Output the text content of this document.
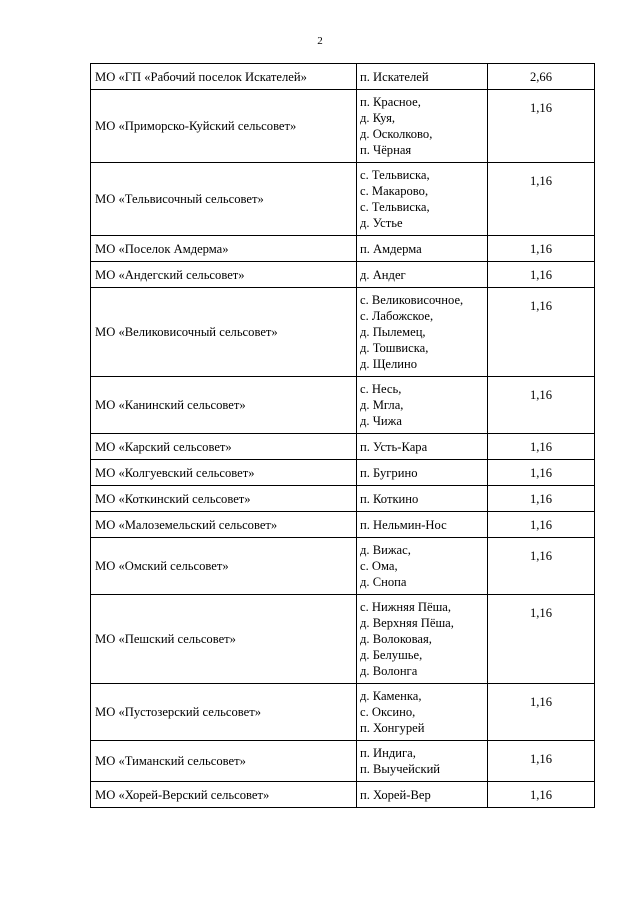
2
МО «ГП «Рабочий поселок Искателей»	п. Искателей	2,66
МО «Приморско-Куйский сельсовет»	п. Красное,
д. Куя,
д. Осколково,
п. Чёрная	1,16
МО «Тельвисочный сельсовет»	с. Тельвиска,
с. Макарово,
с. Тельвиска,
д. Устье	1,16
МО «Поселок Амдерма»	п. Амдерма	1,16
МО «Андегский сельсовет»	д. Андег	1,16
МО «Великовисочный сельсовет»	с. Великовисочное,
с. Лабожское,
д. Пылемец,
д. Тошвиска,
д. Щелино	1,16
МО «Канинский сельсовет»	с. Несь,
д. Мгла,
д. Чижа	1,16
МО «Карский сельсовет»	п. Усть-Кара	1,16
МО «Колгуевский сельсовет»	п. Бугрино	1,16
МО «Коткинский сельсовет»	п. Коткино	1,16
МО «Малоземельский сельсовет»	п. Нельмин-Нос	1,16
МО «Омский сельсовет»	д. Вижас,
с. Ома,
д. Снопа	1,16
МО «Пешский сельсовет»	с. Нижняя Пёша,
д. Верхняя Пёша,
д. Волоковая,
д. Белушье,
д. Волонга	1,16
МО «Пустозерский сельсовет»	д. Каменка,
с. Оксино,
п. Хонгурей	1,16
МО «Тиманский сельсовет»	п. Индига,
п. Выучейский	1,16
МО «Хорей-Верский сельсовет»	п. Хорей-Вер	1,16
